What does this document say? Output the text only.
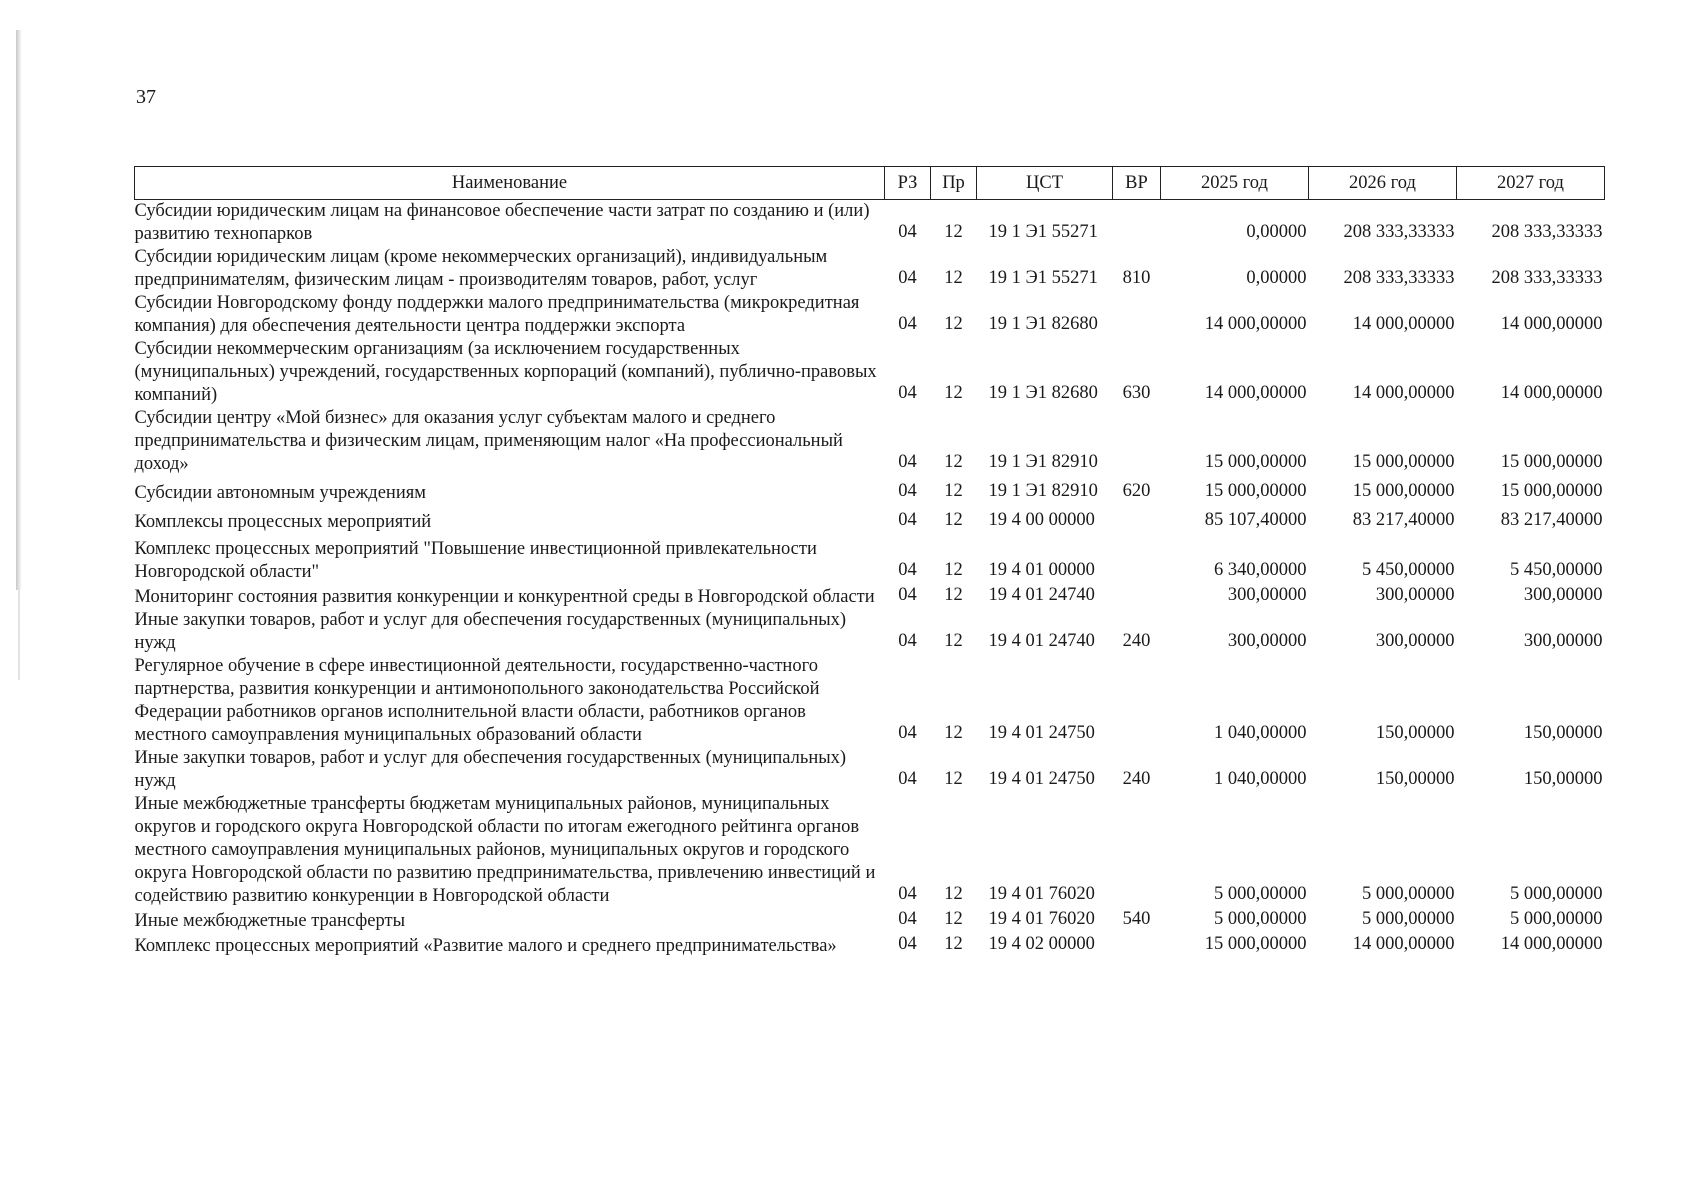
37
Наименование	РЗ	Пр	ЦСТ	ВР	2025 год	2026 год	2027 год
Субсидии юридическим лицам на финансовое обеспечение части затрат по созданию и (или) развитию технопарков	04	12	19 1 Э1 55271		0,00000	208 333,33333	208 333,33333
Субсидии юридическим лицам (кроме некоммерческих организаций), индивидуальным предпринимателям, физическим лицам - производителям товаров, работ, услуг	04	12	19 1 Э1 55271	810	0,00000	208 333,33333	208 333,33333
Субсидии Новгородскому фонду поддержки малого предпринимательства (микрокредитная компания) для обеспечения деятельности центра поддержки экспорта	04	12	19 1 Э1 82680		14 000,00000	14 000,00000	14 000,00000
Субсидии некоммерческим организациям (за исключением государственных (муниципальных) учреждений, государственных корпораций (компаний), публично-правовых компаний)	04	12	19 1 Э1 82680	630	14 000,00000	14 000,00000	14 000,00000
Субсидии центру «Мой бизнес» для оказания услуг субъектам малого и среднего предпринимательства и физическим лицам, применяющим налог «На профессиональный доход»	04	12	19 1 Э1 82910		15 000,00000	15 000,00000	15 000,00000
Субсидии автономным учреждениям	04	12	19 1 Э1 82910	620	15 000,00000	15 000,00000	15 000,00000
Комплексы процессных мероприятий	04	12	19 4 00 00000		85 107,40000	83 217,40000	83 217,40000
Комплекс процессных мероприятий "Повышение инвестиционной привлекательности Новгородской области"	04	12	19 4 01 00000		6 340,00000	5 450,00000	5 450,00000
Мониторинг состояния развития конкуренции и конкурентной среды в Новгородской области	04	12	19 4 01 24740		300,00000	300,00000	300,00000
Иные закупки товаров, работ и услуг для обеспечения государственных (муниципальных) нужд	04	12	19 4 01 24740	240	300,00000	300,00000	300,00000
Регулярное обучение в сфере инвестиционной деятельности, государственно-частного партнерства, развития конкуренции и антимонопольного законодательства Российской Федерации работников органов исполнительной власти области, работников органов местного самоуправления муниципальных образований области	04	12	19 4 01 24750		1 040,00000	150,00000	150,00000
Иные закупки товаров, работ и услуг для обеспечения государственных (муниципальных) нужд	04	12	19 4 01 24750	240	1 040,00000	150,00000	150,00000
Иные межбюджетные трансферты бюджетам муниципальных районов, муниципальных округов и городского округа Новгородской области по итогам ежегодного рейтинга органов местного самоуправления муниципальных районов, муниципальных округов и городского округа Новгородской области по развитию предпринимательства, привлечению инвестиций и содействию развитию конкуренции в Новгородской области	04	12	19 4 01 76020		5 000,00000	5 000,00000	5 000,00000
Иные межбюджетные трансферты	04	12	19 4 01 76020	540	5 000,00000	5 000,00000	5 000,00000
Комплекс процессных мероприятий «Развитие малого и среднего предпринимательства»	04	12	19 4 02 00000		15 000,00000	14 000,00000	14 000,00000
